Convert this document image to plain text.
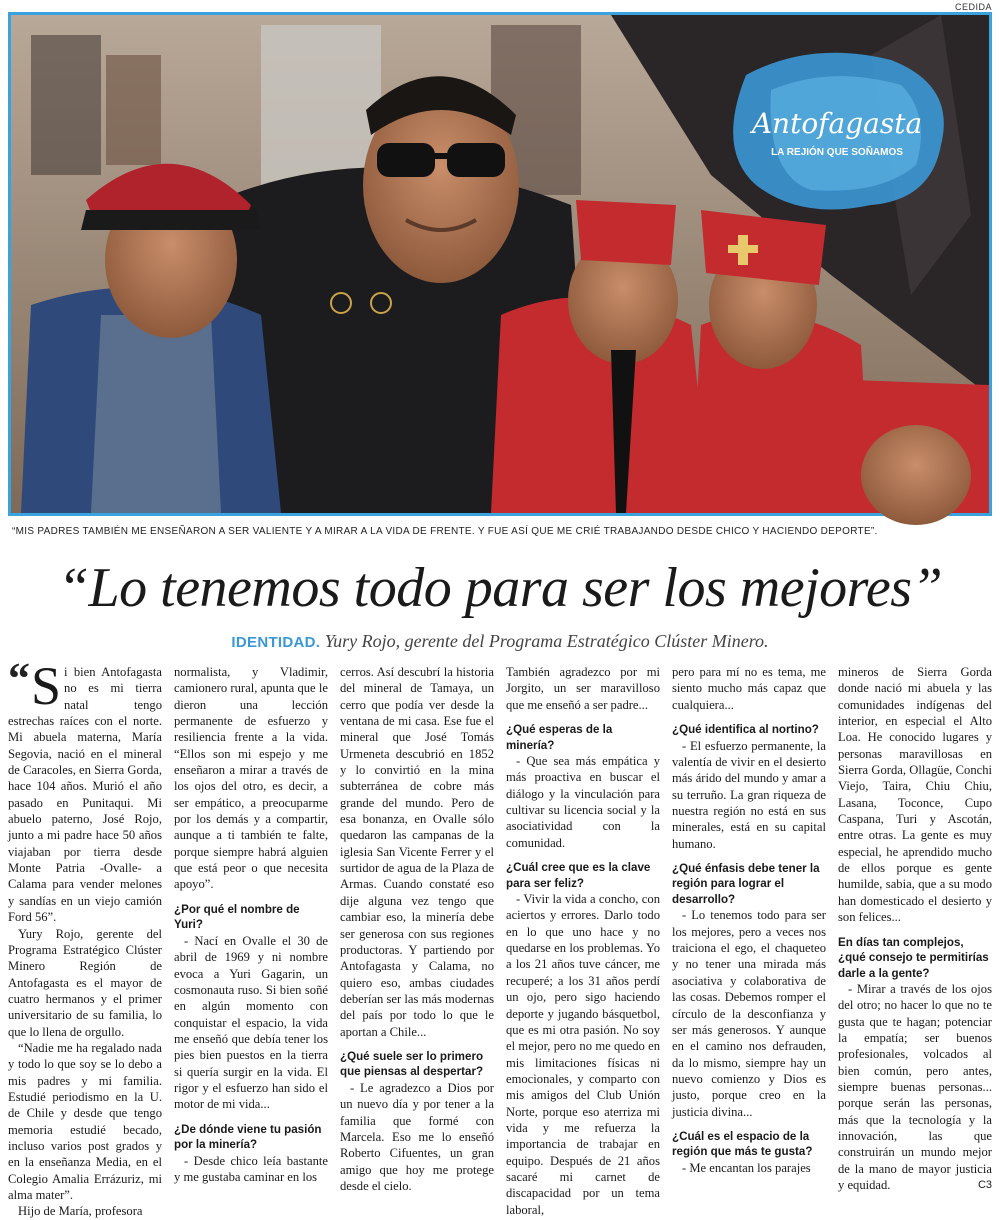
CEDIDA
Antofagasta
LA REJIÓN QUE SOÑAMOS
“MIS PADRES TAMBIÉN ME ENSEÑARON A SER VALIENTE Y A MIRAR A LA VIDA DE FRENTE. Y FUE ASÍ QUE ME CRIÉ TRABAJANDO DESDE CHICO Y HACIENDO DEPORTE”.
“Lo tenemos todo para ser los mejores”
IDENTIDAD. Yury Rojo, gerente del Programa Estratégico Clúster Minero.

“ S i bien Antofagasta no es mi tierra natal tengo estrechas raíces con el norte. Mi abuela materna, María Segovia, nació en el mineral de Caracoles, en Sierra Gorda, hace 104 años. Murió el año pasado en Punitaqui. Mi abuelo paterno, José Rojo, junto a mi padre hace 50 años viajaban por tierra desde Monte Patria -Ovalle- a Calama para vender melones y sandías en un viejo camión Ford 56”.

Yury Rojo, gerente del Programa Estratégico Clúster Minero Región de Antofagasta es el mayor de cuatro hermanos y el primer universitario de su familia, lo que lo llena de orgullo.

“Nadie me ha regalado nada y todo lo que soy se lo debo a mis padres y mi familia. Estudié periodismo en la U. de Chile y desde que tengo memoria estudié becado, incluso varios post grados y en la enseñanza Media, en el Colegio Amalia Errázuriz, mi alma mater”.

Hijo de María, profesora

normalista, y Vladimir, camionero rural, apunta que le dieron una lección permanente de esfuerzo y resiliencia frente a la vida. “Ellos son mi espejo y me enseñaron a mirar a través de los ojos del otro, es decir, a ser empático, a preocuparme por los demás y a compartir, aunque a ti también te falte, porque siempre habrá alguien que está peor o que necesita apoyo”.

¿Por qué el nombre de Yuri?

- Nací en Ovalle el 30 de abril de 1969 y ni nombre evoca a Yuri Gagarin, un cosmonauta ruso. Si bien soñé en algún momento con conquistar el espacio, la vida me enseñó que debía tener los pies bien puestos en la tierra si quería surgir en la vida. El rigor y el esfuerzo han sido el motor de mi vida...

¿De dónde viene tu pasión por la minería?

- Desde chico leía bastante y me gustaba caminar en los

cerros. Así descubrí la historia del mineral de Tamaya, un cerro que podía ver desde la ventana de mi casa. Ese fue el mineral que José Tomás Urmeneta descubrió en 1852 y lo convirtió en la mina subterránea de cobre más grande del mundo. Pero de esa bonanza, en Ovalle sólo quedaron las campanas de la iglesia San Vicente Ferrer y el surtidor de agua de la Plaza de Armas. Cuando constaté eso dije alguna vez tengo que cambiar eso, la minería debe ser generosa con sus regiones productoras. Y partiendo por Antofagasta y Calama, no quiero eso, ambas ciudades deberían ser las más modernas del país por todo lo que le aportan a Chile...

¿Qué suele ser lo primero que piensas al despertar?

- Le agradezco a Dios por un nuevo día y por tener a la familia que formé con Marcela. Eso me lo enseñó Roberto Cifuentes, un gran amigo que hoy me protege desde el cielo.

También agradezco por mi Jorgito, un ser maravilloso que me enseñó a ser padre...

¿Qué esperas de la minería?

- Que sea más empática y más proactiva en buscar el diálogo y la vinculación para cultivar su licencia social y la asociatividad con la comunidad.

¿Cuál cree que es la clave para ser feliz?

- Vivir la vida a concho, con aciertos y errores. Darlo todo en lo que uno hace y no quedarse en los problemas. Yo a los 21 años tuve cáncer, me recuperé; a los 31 años perdí un ojo, pero sigo haciendo deporte y jugando básquetbol, que es mi otra pasión. No soy el mejor, pero no me quedo en mis limitaciones físicas ni emocionales, y comparto con mis amigos del Club Unión Norte, porque eso aterriza mi vida y me refuerza la importancia de trabajar en equipo. Después de 21 años sacaré mi carnet de discapacidad por un tema laboral,

pero para mí no es tema, me siento mucho más capaz que cualquiera...

¿Qué identifica al nortino?

- El esfuerzo permanente, la valentía de vivir en el desierto más árido del mundo y amar a su terruño. La gran riqueza de nuestra región no está en sus minerales, está en su capital humano.

¿Qué énfasis debe tener la región para lograr el desarrollo?

- Lo tenemos todo para ser los mejores, pero a veces nos traiciona el ego, el chaqueteo y no tener una mirada más asociativa y colaborativa de las cosas. Debemos romper el círculo de la desconfianza y ser más generosos. Y aunque en el camino nos defrauden, da lo mismo, siempre hay un nuevo comienzo y Dios es justo, porque creo en la justicia divina...

¿Cuál es el espacio de la región que más te gusta?

- Me encantan los parajes

mineros de Sierra Gorda donde nació mi abuela y las comunidades indígenas del interior, en especial el Alto Loa. He conocido lugares y personas maravillosas en Sierra Gorda, Ollagüe, Conchi Viejo, Taira, Chiu Chiu, Lasana, Toconce, Cupo Caspana, Turi y Ascotán, entre otras. La gente es muy especial, he aprendido mucho de ellos porque es gente humilde, sabia, que a su modo han domesticado el desierto y son felices...

En días tan complejos, ¿qué consejo te permitirías darle a la gente?

- Mirar a través de los ojos del otro; no hacer lo que no te gusta que te hagan; potenciar la empatía; ser buenos profesionales, volcados al bien común, pero antes, siempre buenas personas... porque serán las personas, más que la tecnología y la innovación, las que construirán un mundo mejor de la mano de mayor justicia y equidad.	C3
